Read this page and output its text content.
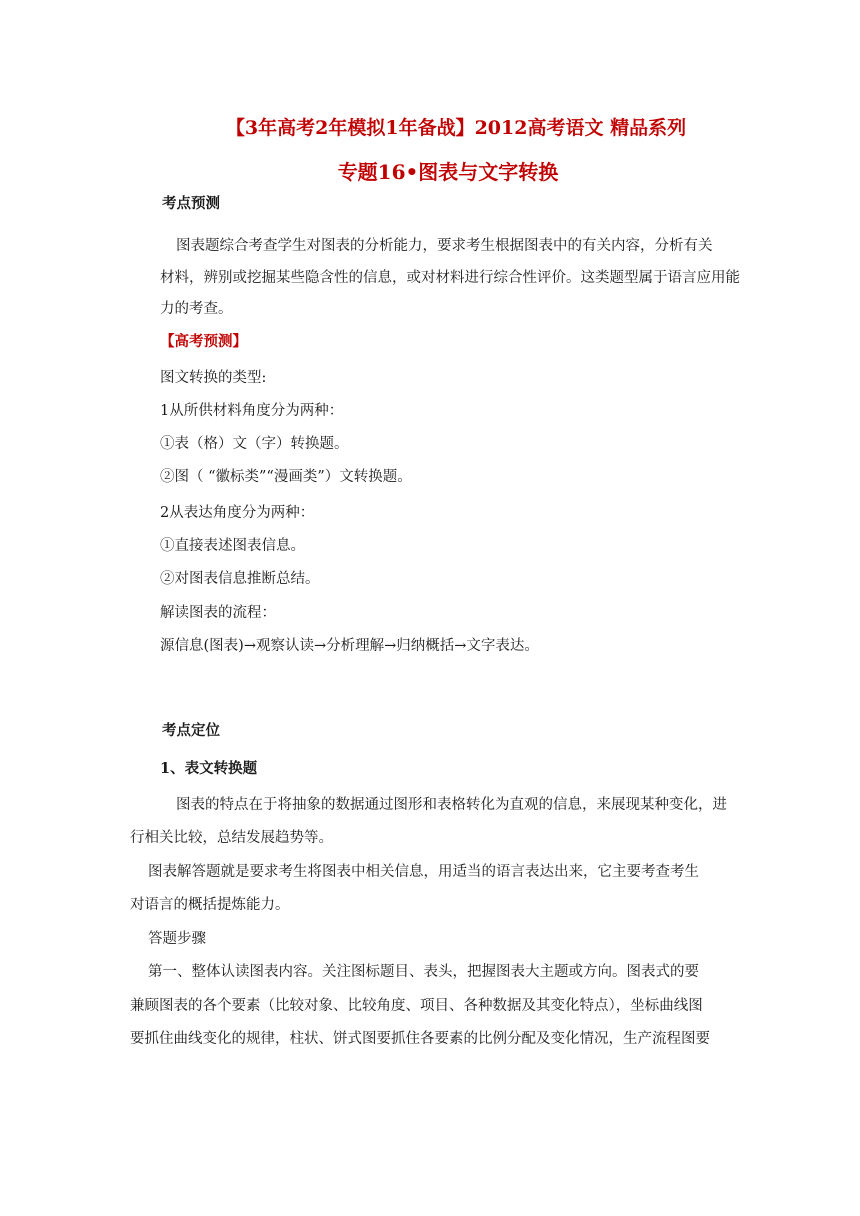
【3年高考2年模拟1年备战】2012高考语文 精品系列
专题16•图表与文字转换
考点预测
图表题综合考查学生对图表的分析能力，要求考生根据图表中的有关内容，分析有关
材料，辨别或挖掘某些隐含性的信息，或对材料进行综合性评价。这类题型属于语言应用能
力的考查。
【高考预测】
图文转换的类型:
1从所供材料角度分为两种：
①表（格）文（字）转换题。
②图（ “徽标类”“漫画类”）文转换题。
2从表达角度分为两种：
①直接表述图表信息。
②对图表信息推断总结。
解读图表的流程：
源信息(图表)→观察认读→分析理解→归纳概括→文字表达。
考点定位
1、表文转换题
图表的特点在于将抽象的数据通过图形和表格转化为直观的信息，来展现某种变化，进
行相关比较，总结发展趋势等。
图表解答题就是要求考生将图表中相关信息，用适当的语言表达出来，它主要考查考生
对语言的概括提炼能力。
答题步骤
第一、整体认读图表内容。关注图标题目、表头，把握图表大主题或方向。图表式的要
兼顾图表的各个要素（比较对象、比较角度、项目、各种数据及其变化特点），坐标曲线图
要抓住曲线变化的规律，柱状、饼式图要抓住各要素的比例分配及变化情况，生产流程图要
